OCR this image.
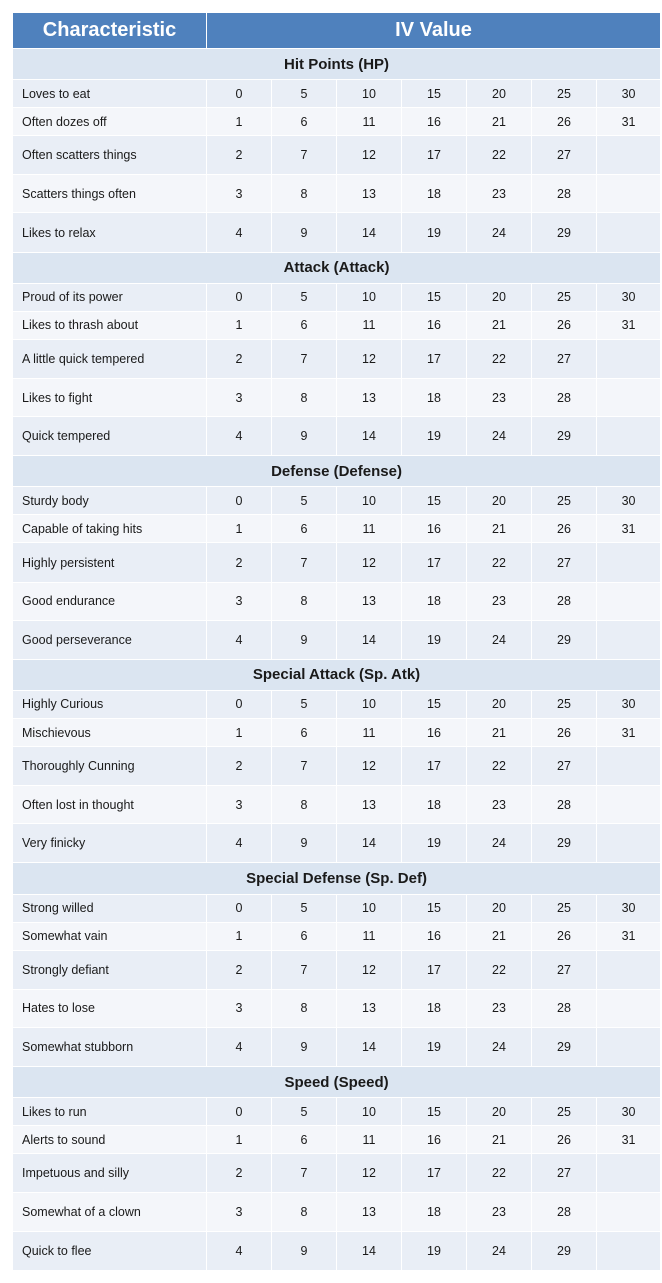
Characteristic	IV Value						
Hit Points (HP)							
Loves to eat	0	5	10	15	20	25	30
Often dozes off	1	6	11	16	21	26	31
Often scatters things	2	7	12	17	22	27	
Scatters things often	3	8	13	18	23	28	
Likes to relax	4	9	14	19	24	29	
Attack (Attack)							
Proud of its power	0	5	10	15	20	25	30
Likes to thrash about	1	6	11	16	21	26	31
A little quick tempered	2	7	12	17	22	27	
Likes to fight	3	8	13	18	23	28	
Quick tempered	4	9	14	19	24	29	
Defense (Defense)							
Sturdy body	0	5	10	15	20	25	30
Capable of taking hits	1	6	11	16	21	26	31
Highly persistent	2	7	12	17	22	27	
Good endurance	3	8	13	18	23	28	
Good perseverance	4	9	14	19	24	29	
Special Attack (Sp. Atk)							
Highly Curious	0	5	10	15	20	25	30
Mischievous	1	6	11	16	21	26	31
Thoroughly Cunning	2	7	12	17	22	27	
Often lost in thought	3	8	13	18	23	28	
Very finicky	4	9	14	19	24	29	
Special Defense (Sp. Def)							
Strong willed	0	5	10	15	20	25	30
Somewhat vain	1	6	11	16	21	26	31
Strongly defiant	2	7	12	17	22	27	
Hates to lose	3	8	13	18	23	28	
Somewhat stubborn	4	9	14	19	24	29	
Speed (Speed)							
Likes to run	0	5	10	15	20	25	30
Alerts to sound	1	6	11	16	21	26	31
Impetuous and silly	2	7	12	17	22	27	
Somewhat of a clown	3	8	13	18	23	28	
Quick to flee	4	9	14	19	24	29	
